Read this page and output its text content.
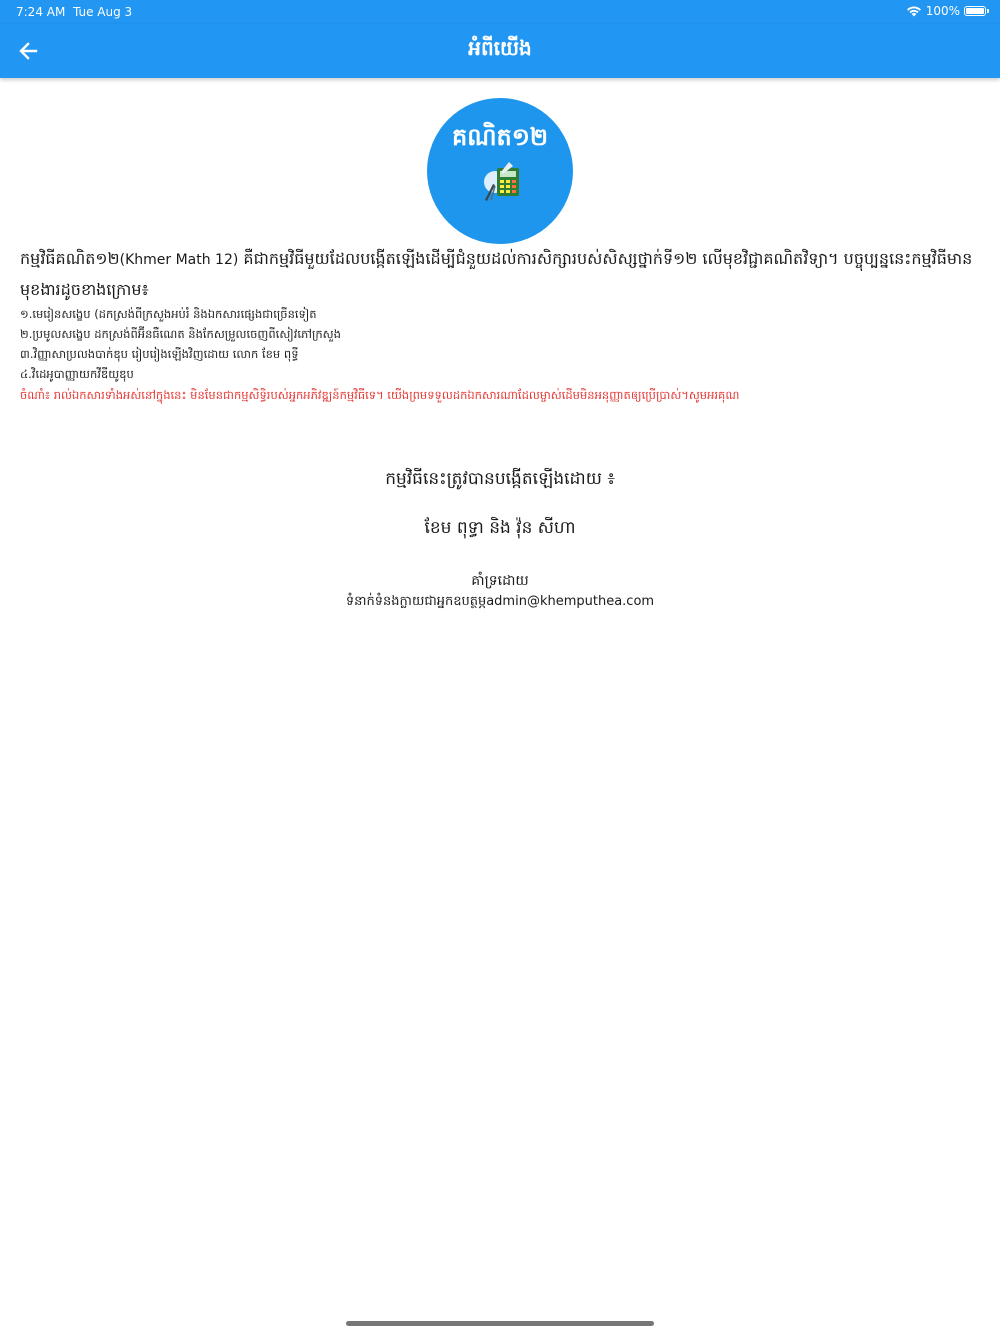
7:24 AM Tue Aug 3	100%
អំពីយើង
គណិត១២
កម្មវិធីគណិត១២(Khmer Math 12) គឺជាកម្មវិធីមួយដែលបង្កើតឡើងដើម្បីជំនួយដល់ការសិក្សារបស់សិស្សថ្នាក់ទី១២ លើមុខវិជ្ជាគណិតវិទ្យា។ បច្ចុប្បន្ននេះកម្មវិធីមានមុខងារដូចខាងក្រោម៖
១.មេរៀនសង្ខេប (ដកស្រង់ពីក្រសួងអប់រំ និងឯកសារផ្សេងជាច្រើនទៀត
២.ប្រមូលសង្ខេប ដកស្រង់ពីអ៊ីនធឺណេត និងកែសម្រួលចេញពីសៀវភៅក្រសួង
៣.វិញ្ញាសាប្រលងបាក់ឌុប រៀបរៀងឡើងវិញដោយ លោក ខែម ពុទ្ធី
៤.វិដេអូបាញ្ញាយកវីឌីយូឌុប
ចំណាំ៖ រាល់ឯកសារទាំងអស់នៅក្នុងនេះ មិនមែនជាកម្មសិទ្ធិរបស់អ្នកអភិវឌ្ឍន៍កម្មវិធីទេ។ យើងព្រមទទួលដកឯកសារណាដែលម្ចាស់ដើមមិនអនុញ្ញាតឲ្យប្រើប្រាស់។សូមអរគុណ
កម្មវិធីនេះត្រូវបានបង្កើតឡើងដោយ ៖
ខែម ពុទ្ធា និង វ៉ុន សីហា
គាំទ្រដោយ
ទំនាក់ទំនងក្លាយជាអ្នកឧបត្ថម្ភadmin@khemputhea.com
